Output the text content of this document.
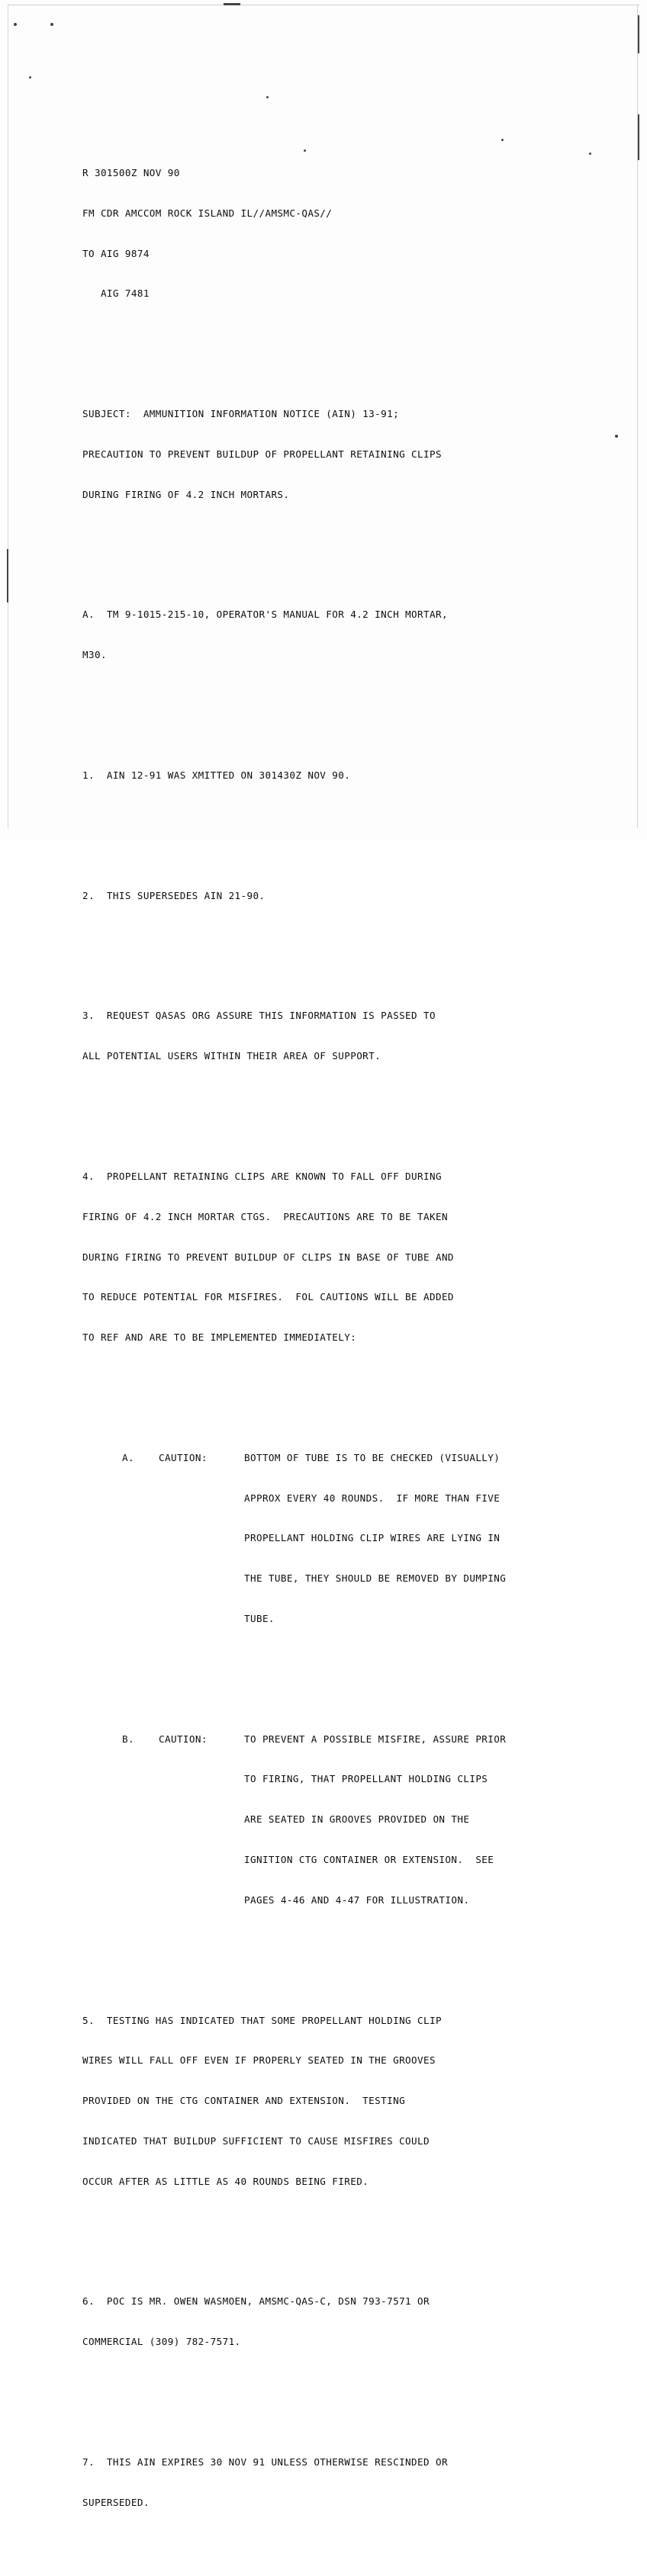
R 301500Z NOV 90

FM CDR AMCCOM ROCK ISLAND IL//AMSMC-QAS//

TO AIG 9874

AIG 7481

SUBJECT:  AMMUNITION INFORMATION NOTICE (AIN) 13-91;

PRECAUTION TO PREVENT BUILDUP OF PROPELLANT RETAINING CLIPS

DURING FIRING OF 4.2 INCH MORTARS.

A.  TM 9-1015-215-10, OPERATOR'S MANUAL FOR 4.2 INCH MORTAR,

M30.

1.  AIN 12-91 WAS XMITTED ON 301430Z NOV 90.

2.  THIS SUPERSEDES AIN 21-90.

3.  REQUEST QASAS ORG ASSURE THIS INFORMATION IS PASSED TO

ALL POTENTIAL USERS WITHIN THEIR AREA OF SUPPORT.

4.  PROPELLANT RETAINING CLIPS ARE KNOWN TO FALL OFF DURING

FIRING OF 4.2 INCH MORTAR CTGS.  PRECAUTIONS ARE TO BE TAKEN

DURING FIRING TO PREVENT BUILDUP OF CLIPS IN BASE OF TUBE AND

TO REDUCE POTENTIAL FOR MISFIRES.  FOL CAUTIONS WILL BE ADDED

TO REF AND ARE TO BE IMPLEMENTED IMMEDIATELY:

A.	CAUTION:	BOTTOM OF TUBE IS TO BE CHECKED (VISUALLY)

APPROX EVERY 40 ROUNDS.  IF MORE THAN FIVE

PROPELLANT HOLDING CLIP WIRES ARE LYING IN

THE TUBE, THEY SHOULD BE REMOVED BY DUMPING

TUBE.

B.	CAUTION:	TO PREVENT A POSSIBLE MISFIRE, ASSURE PRIOR

TO FIRING, THAT PROPELLANT HOLDING CLIPS

ARE SEATED IN GROOVES PROVIDED ON THE

IGNITION CTG CONTAINER OR EXTENSION.  SEE

PAGES 4-46 AND 4-47 FOR ILLUSTRATION.

5.  TESTING HAS INDICATED THAT SOME PROPELLANT HOLDING CLIP

WIRES WILL FALL OFF EVEN IF PROPERLY SEATED IN THE GROOVES

PROVIDED ON THE CTG CONTAINER AND EXTENSION.  TESTING

INDICATED THAT BUILDUP SUFFICIENT TO CAUSE MISFIRES COULD

OCCUR AFTER AS LITTLE AS 40 ROUNDS BEING FIRED.

6.  POC IS MR. OWEN WASMOEN, AMSMC-QAS-C, DSN 793-7571 OR

COMMERCIAL (309) 782-7571.

7.  THIS AIN EXPIRES 30 NOV 91 UNLESS OTHERWISE RESCINDED OR

SUPERSEDED.
